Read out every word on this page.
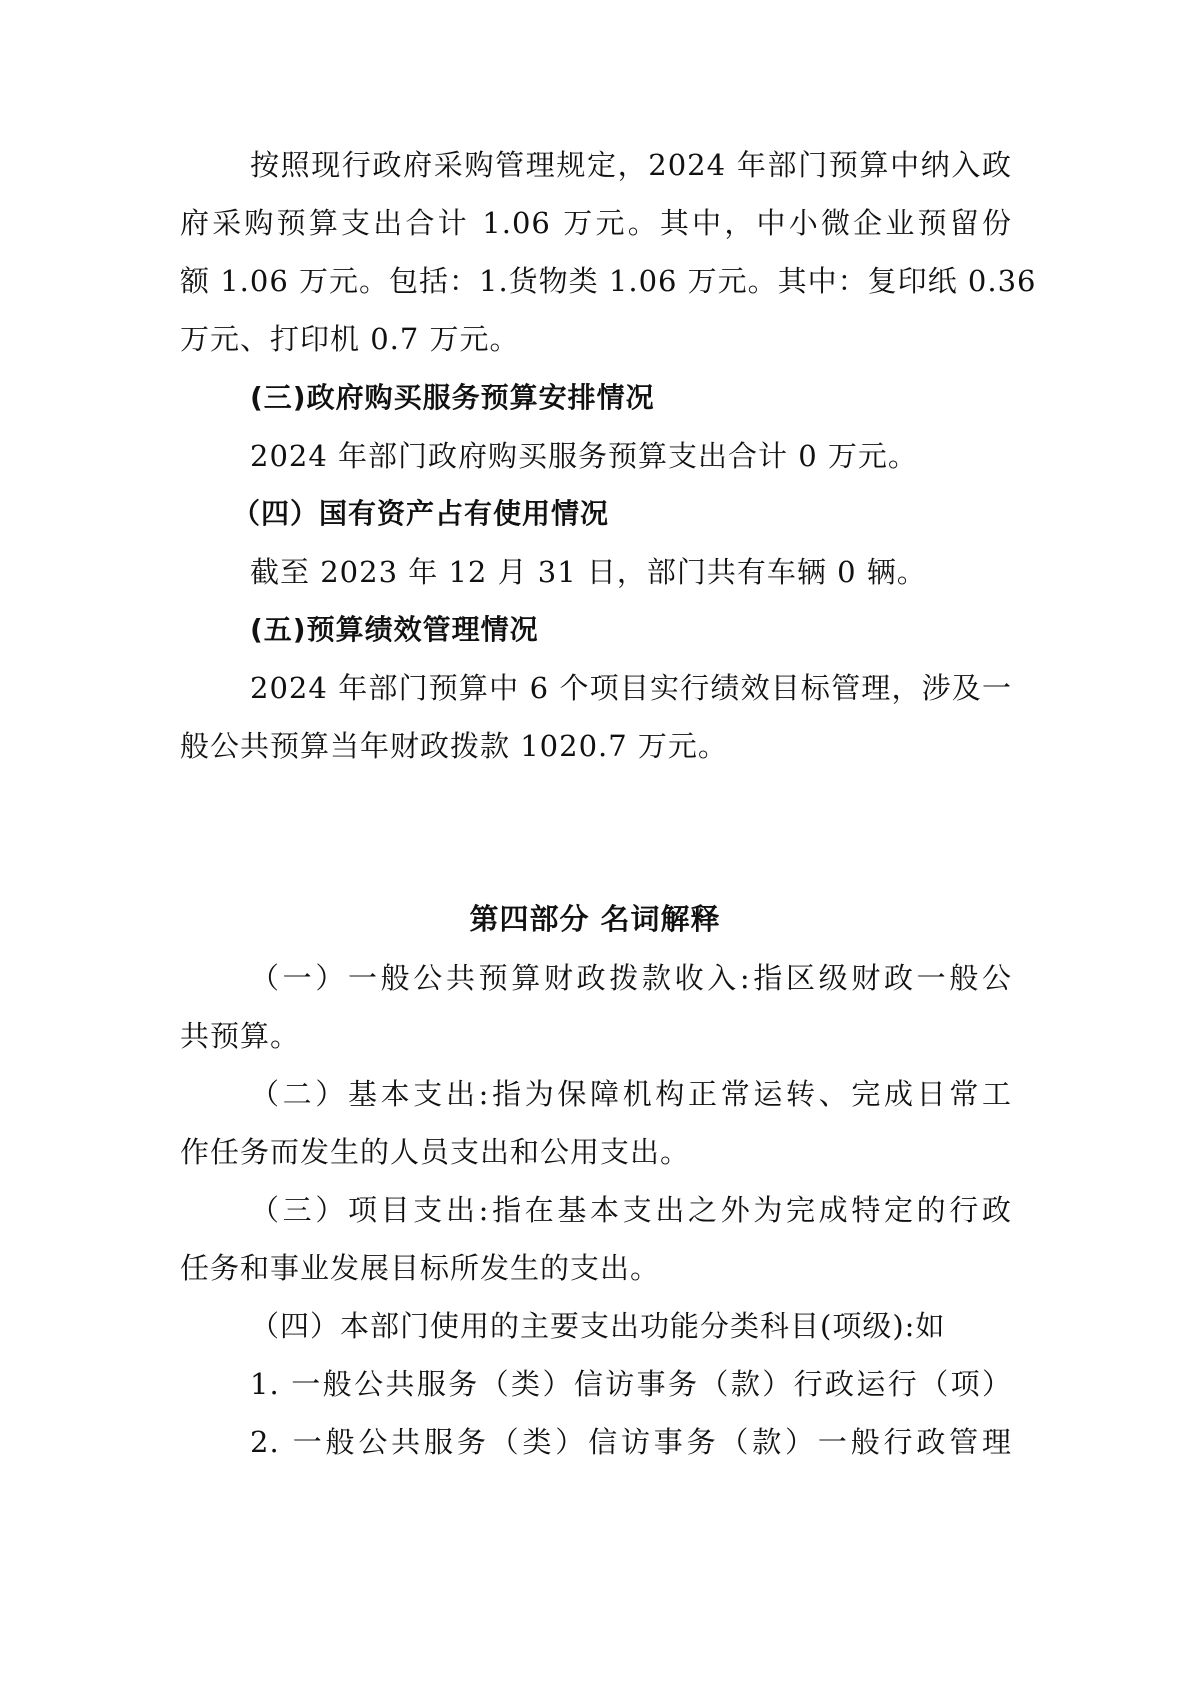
按照现行政府采购管理规定，2024 年部门预算中纳入政
府采购预算支出合计 1.06 万元。其中，中小微企业预留份
额 1.06 万元。包括：1.货物类 1.06 万元。其中：复印纸 0.36
万元、打印机 0.7 万元。
(三)政府购买服务预算安排情况
2024 年部门政府购买服务预算支出合计 0 万元。
（四）国有资产占有使用情况
截至 2023 年 12 月 31 日，部门共有车辆 0 辆。
(五)预算绩效管理情况
2024 年部门预算中 6 个项目实行绩效目标管理，涉及一
般公共预算当年财政拨款 1020.7 万元。
第四部分 名词解释
（一）一般公共预算财政拨款收入:指区级财政一般公
共预算。
（二）基本支出:指为保障机构正常运转、完成日常工
作任务而发生的人员支出和公用支出。
（三）项目支出:指在基本支出之外为完成特定的行政
任务和事业发展目标所发生的支出。
（四）本部门使用的主要支出功能分类科目(项级):如
1. 一般公共服务（类）信访事务（款）行政运行（项）
2. 一般公共服务（类）信访事务（款）一般行政管理
